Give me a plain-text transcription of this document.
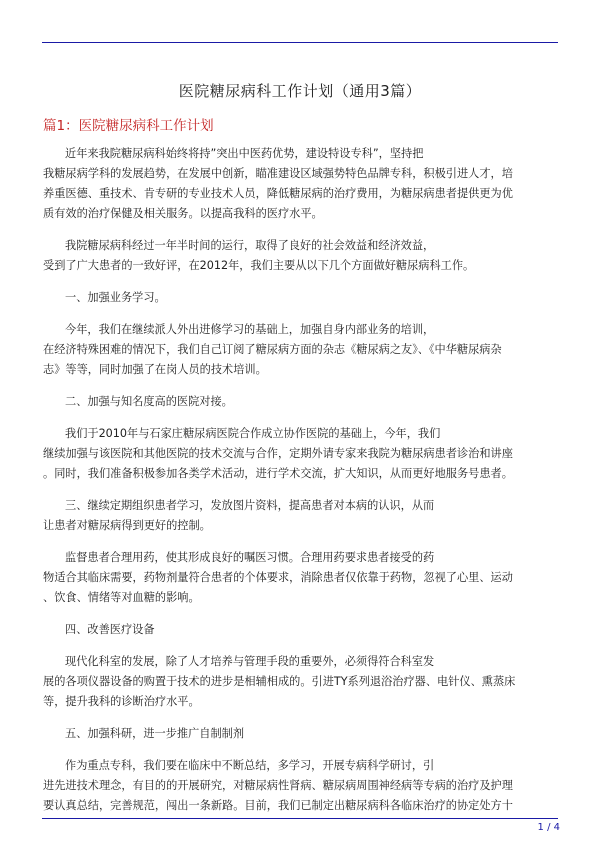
医院糖尿病科工作计划（通用3篇）
篇1：医院糖尿病科工作计划
近年来我院糖尿病科始终将持”突出中医药优势，建设特设专科”，坚持把
我糖尿病学科的发展趋势，在发展中创新，瞄准建设区域强势特色品牌专科，积极引进人才，培
养重医德、重技术、肯专研的专业技术人员，降低糖尿病的治疗费用，为糖尿病患者提供更为优
质有效的治疗保健及相关服务。以提高我科的医疗水平。
我院糖尿病科经过一年半时间的运行，取得了良好的社会效益和经济效益，
受到了广大患者的一致好评，在2012年，我们主要从以下几个方面做好糖尿病科工作。
一、加强业务学习。
今年，我们在继续派人外出进修学习的基础上，加强自身内部业务的培训，
在经济特殊困难的情况下，我们自己订阅了糖尿病方面的杂志《糖尿病之友》、《中华糖尿病杂
志》等等，同时加强了在岗人员的技术培训。
二、加强与知名度高的医院对接。
我们于2010年与石家庄糖尿病医院合作成立协作医院的基础上，今年，我们
继续加强与该医院和其他医院的技术交流与合作，定期外请专家来我院为糖尿病患者诊治和讲座
。同时，我们准备积极参加各类学术活动，进行学术交流，扩大知识，从而更好地服务号患者。
三、继续定期组织患者学习，发放图片资料，提高患者对本病的认识，从而
让患者对糖尿病得到更好的控制。
监督患者合理用药，使其形成良好的嘱医习惯。合理用药要求患者接受的药
物适合其临床需要，药物剂量符合患者的个体要求，消除患者仅依靠于药物，忽视了心里、运动
、饮食、情绪等对血糖的影响。
四、改善医疗设备
现代化科室的发展，除了人才培养与管理手段的重要外，必须得符合科室发
展的各项仪器设备的购置于技术的进步是相辅相成的。引进TY系列退浴治疗器、电针仪、熏蒸床
等，提升我科的诊断治疗水平。
五、加强科研，进一步推广自制制剂
作为重点专科，我们要在临床中不断总结，多学习，开展专病科学研讨，引
进先进技术理念，有目的的开展研究，对糖尿病性肾病、糖尿病周围神经病等专病的治疗及护理
要认真总结，完善规范，闯出一条新路。目前，我们已制定出糖尿病科各临床治疗的协定处方十
1 / 4
